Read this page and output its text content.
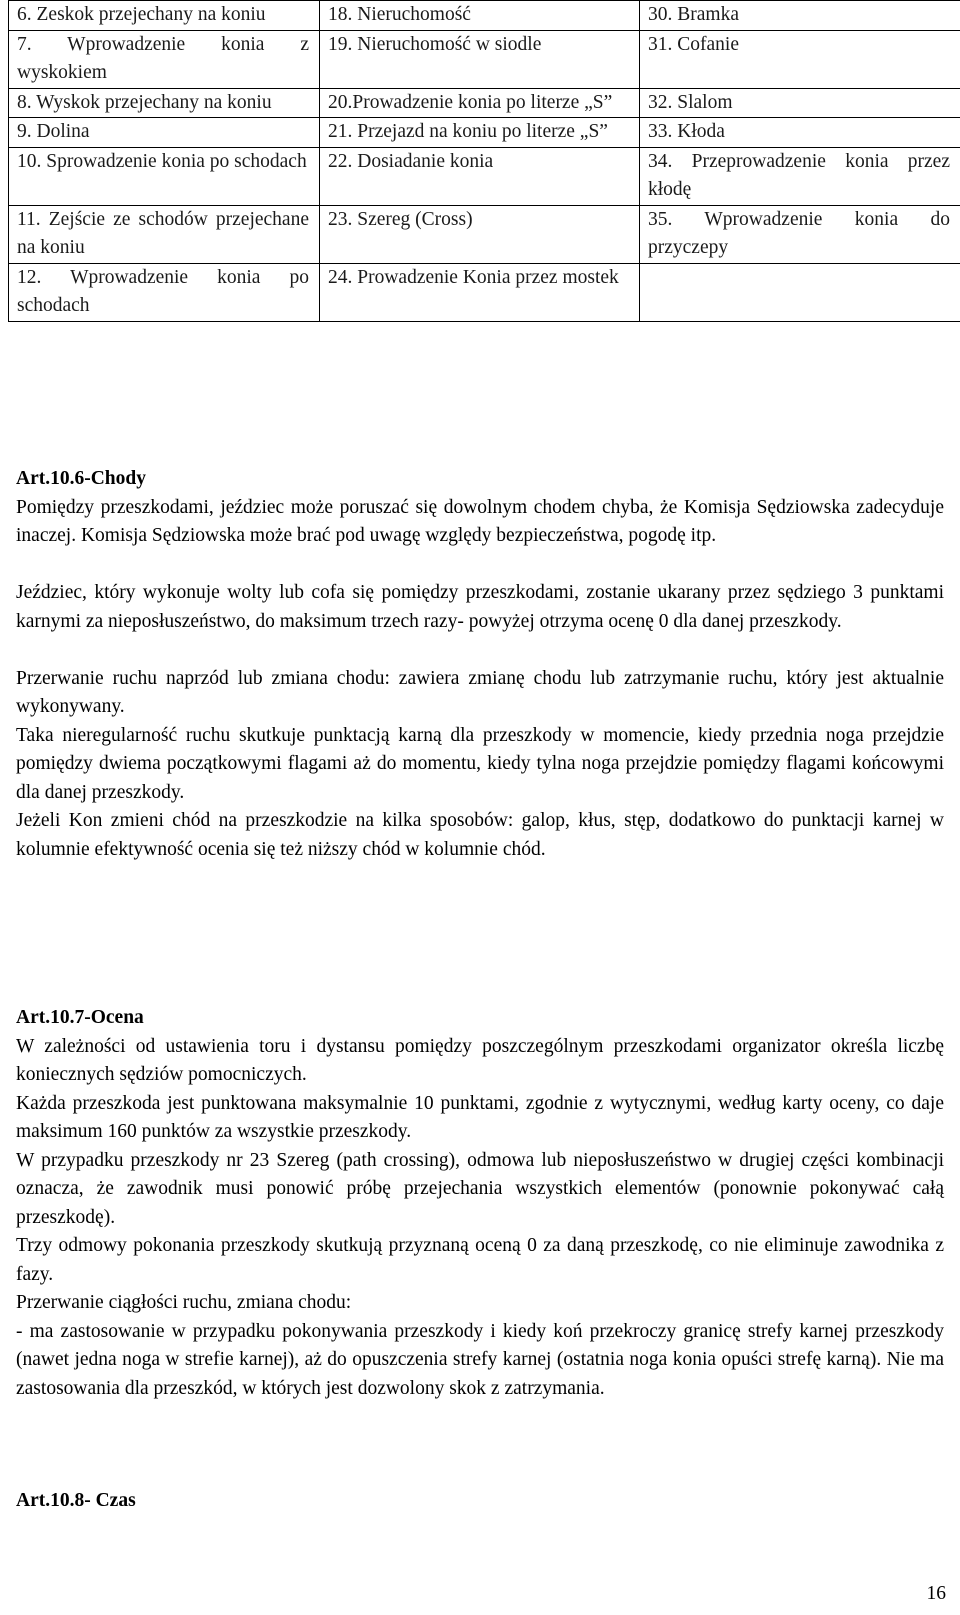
6. Zeskok przejechany na koniu	18. Nieruchomość	30. Bramka

7. Wprowadzenie konia z wyskokiem	19. Nieruchomość w siodle	31. Cofanie

8. Wyskok przejechany na koniu	20.Prowadzenie konia po literze „S”	32. Slalom

9. Dolina	21. Przejazd na koniu po literze „S”	33. Kłoda

10. Sprowadzenie konia po schodach	22. Dosiadanie konia	34. Przeprowadzenie konia przez kłodę

11. Zejście ze schodów przejechane na koniu	23. Szereg (Cross)	35. Wprowadzenie konia do przyczepy

12. Wprowadzenie konia po schodach	24. Prowadzenie Konia przez mostek	

Art.10.6-Chody

Pomiędzy przeszkodami, jeździec może poruszać się dowolnym chodem chyba, że Komisja Sędziowska zadecyduje inaczej. Komisja Sędziowska może brać pod uwagę względy bezpieczeństwa, pogodę itp.

Jeździec, który wykonuje wolty lub cofa się pomiędzy przeszkodami, zostanie ukarany przez sędziego 3 punktami karnymi za nieposłuszeństwo, do maksimum trzech razy- powyżej otrzyma ocenę 0 dla danej przeszkody.

Przerwanie ruchu naprzód lub zmiana chodu: zawiera zmianę chodu lub zatrzymanie ruchu, który jest aktualnie wykonywany.

Taka nieregularność ruchu skutkuje punktacją karną dla przeszkody w momencie, kiedy przednia noga przejdzie pomiędzy dwiema początkowymi flagami aż do momentu, kiedy tylna noga przejdzie pomiędzy flagami końcowymi dla danej przeszkody.

Jeżeli Kon zmieni chód na przeszkodzie na kilka sposobów: galop, kłus, stęp, dodatkowo do punktacji karnej w kolumnie efektywność ocenia się też niższy chód w kolumnie chód.

Art.10.7-Ocena

W zależności od ustawienia toru i dystansu pomiędzy poszczególnym przeszkodami organizator określa liczbę koniecznych sędziów pomocniczych.

Każda przeszkoda jest punktowana maksymalnie 10 punktami, zgodnie z wytycznymi, według karty oceny, co daje maksimum 160 punktów za wszystkie przeszkody.

W przypadku przeszkody nr 23 Szereg (path crossing), odmowa lub nieposłuszeństwo w drugiej części kombinacji oznacza, że zawodnik musi ponowić próbę przejechania wszystkich elementów (ponownie pokonywać całą przeszkodę).

Trzy odmowy pokonania przeszkody skutkują przyznaną oceną 0 za daną przeszkodę, co nie eliminuje zawodnika z fazy.

Przerwanie ciągłości ruchu, zmiana chodu:

- ma zastosowanie w przypadku pokonywania przeszkody i kiedy koń przekroczy granicę strefy karnej przeszkody (nawet jedna noga w strefie karnej), aż do opuszczenia strefy karnej (ostatnia noga konia opuści strefę karną). Nie ma zastosowania dla przeszkód, w których jest dozwolony skok z zatrzymania.

Art.10.8- Czas
16
